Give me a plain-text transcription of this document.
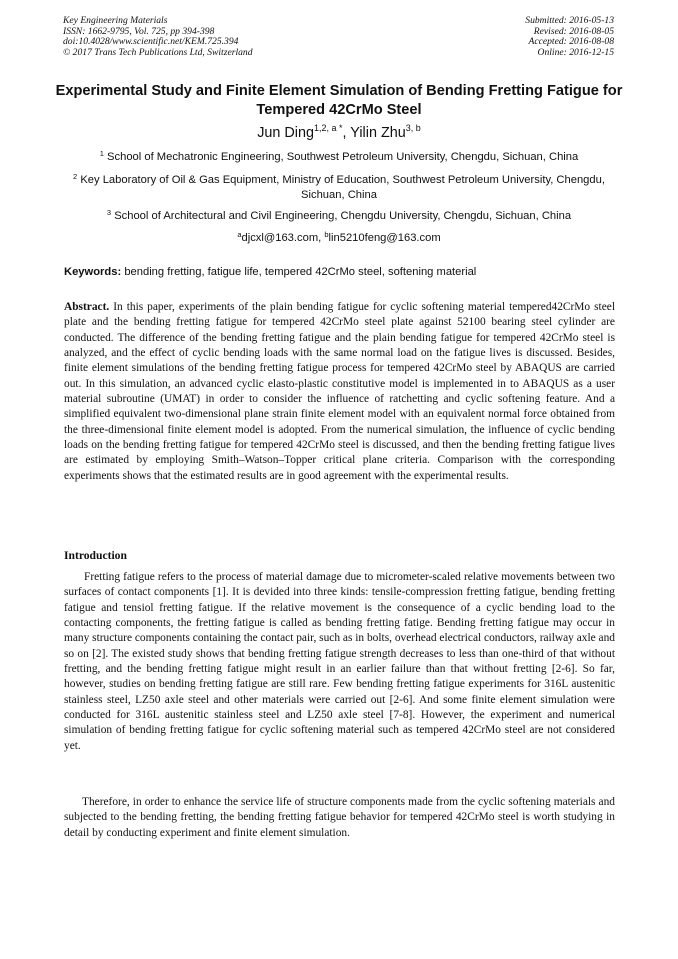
Key Engineering Materials
ISSN: 1662-9795, Vol. 725, pp 394-398
doi:10.4028/www.scientific.net/KEM.725.394
© 2017 Trans Tech Publications Ltd, Switzerland
Submitted: 2016-05-13
Revised: 2016-08-05
Accepted: 2016-08-08
Online: 2016-12-15
Experimental Study and Finite Element Simulation of Bending Fretting Fatigue for Tempered 42CrMo Steel
Jun Ding$^{1,2, a *}$, Yilin Zhu$^{3, b}$
$^1$ School of Mechatronic Engineering, Southwest Petroleum University, Chengdu, Sichuan, China
$^2$ Key Laboratory of Oil & Gas Equipment, Ministry of Education, Southwest Petroleum University, Chengdu, Sichuan, China
$^3$ School of Architectural and Civil Engineering, Chengdu University, Chengdu, Sichuan, China
$^a$djcxl@163.com, $^b$lin5210feng@163.com
Keywords: bending fretting, fatigue life, tempered 42CrMo steel, softening material
Abstract. In this paper, experiments of the plain bending fatigue for cyclic softening material tempered42CrMo steel plate and the bending fretting fatigue for tempered 42CrMo steel plate against 52100 bearing steel cylinder are conducted. The difference of the bending fretting fatigue and the plain bending fatigue for tempered 42CrMo steel is analyzed, and the effect of cyclic bending loads with the same normal load on the fatigue lives is discussed. Besides, finite element simulations of the bending fretting fatigue process for tempered 42CrMo steel by ABAQUS are carried out. In this simulation, an advanced cyclic elasto-plastic constitutive model is implemented in to ABAQUS as a user material subroutine (UMAT) in order to consider the influence of ratchetting and cyclic softening feature. And a simplified equivalent two-dimensional plane strain finite element model with an equivalent normal force obtained from the three-dimensional finite element model is adopted. From the numerical simulation, the influence of cyclic bending loads on the bending fretting fatigue for tempered 42CrMo steel is discussed, and then the bending fretting fatigue lives are estimated by employing Smith–Watson–Topper critical plane criteria. Comparison with the corresponding experiments shows that the estimated results are in good agreement with the experimental results.
Introduction
Fretting fatigue refers to the process of material damage due to micrometer-scaled relative movements between two surfaces of contact components [1]. It is devided into three kinds: tensile-compression fretting fatigue, bending fretting fatigue and tensiol fretting fatigue. If the relative movement is the consequence of a cyclic bending load to the contacting components, the fretting fatigue is called as bending fretting fatige. Bending fretting fatigue may occur in many structure components containing the contact pair, such as in bolts, overhead electrical conductors, railway axle and so on [2]. The existed study shows that bending fretting fatigue strength decreases to less than one-third of that without fretting, and the bending fretting fatigue might result in an earlier failure than that without fretting [2-6]. So far, however, studies on bending fretting fatigue are still rare. Few bending fretting fatigue experiments for 316L austenitic stainless steel, LZ50 axle steel and other materials were carried out [2-6]. And some finite element simulation were conducted for 316L austenitic stainless steel and LZ50 axle steel [7-8]. However, the experiment and numerical simulation of bending fretting fatigue for cyclic softening material such as tempered 42CrMo steel are not considered yet.
Therefore, in order to enhance the service life of structure components made from the cyclic softening materials and subjected to the bending fretting, the bending fretting fatigue behavior for tempered 42CrMo steel is worth studying in detail by conducting experiment and finite element simulation.
